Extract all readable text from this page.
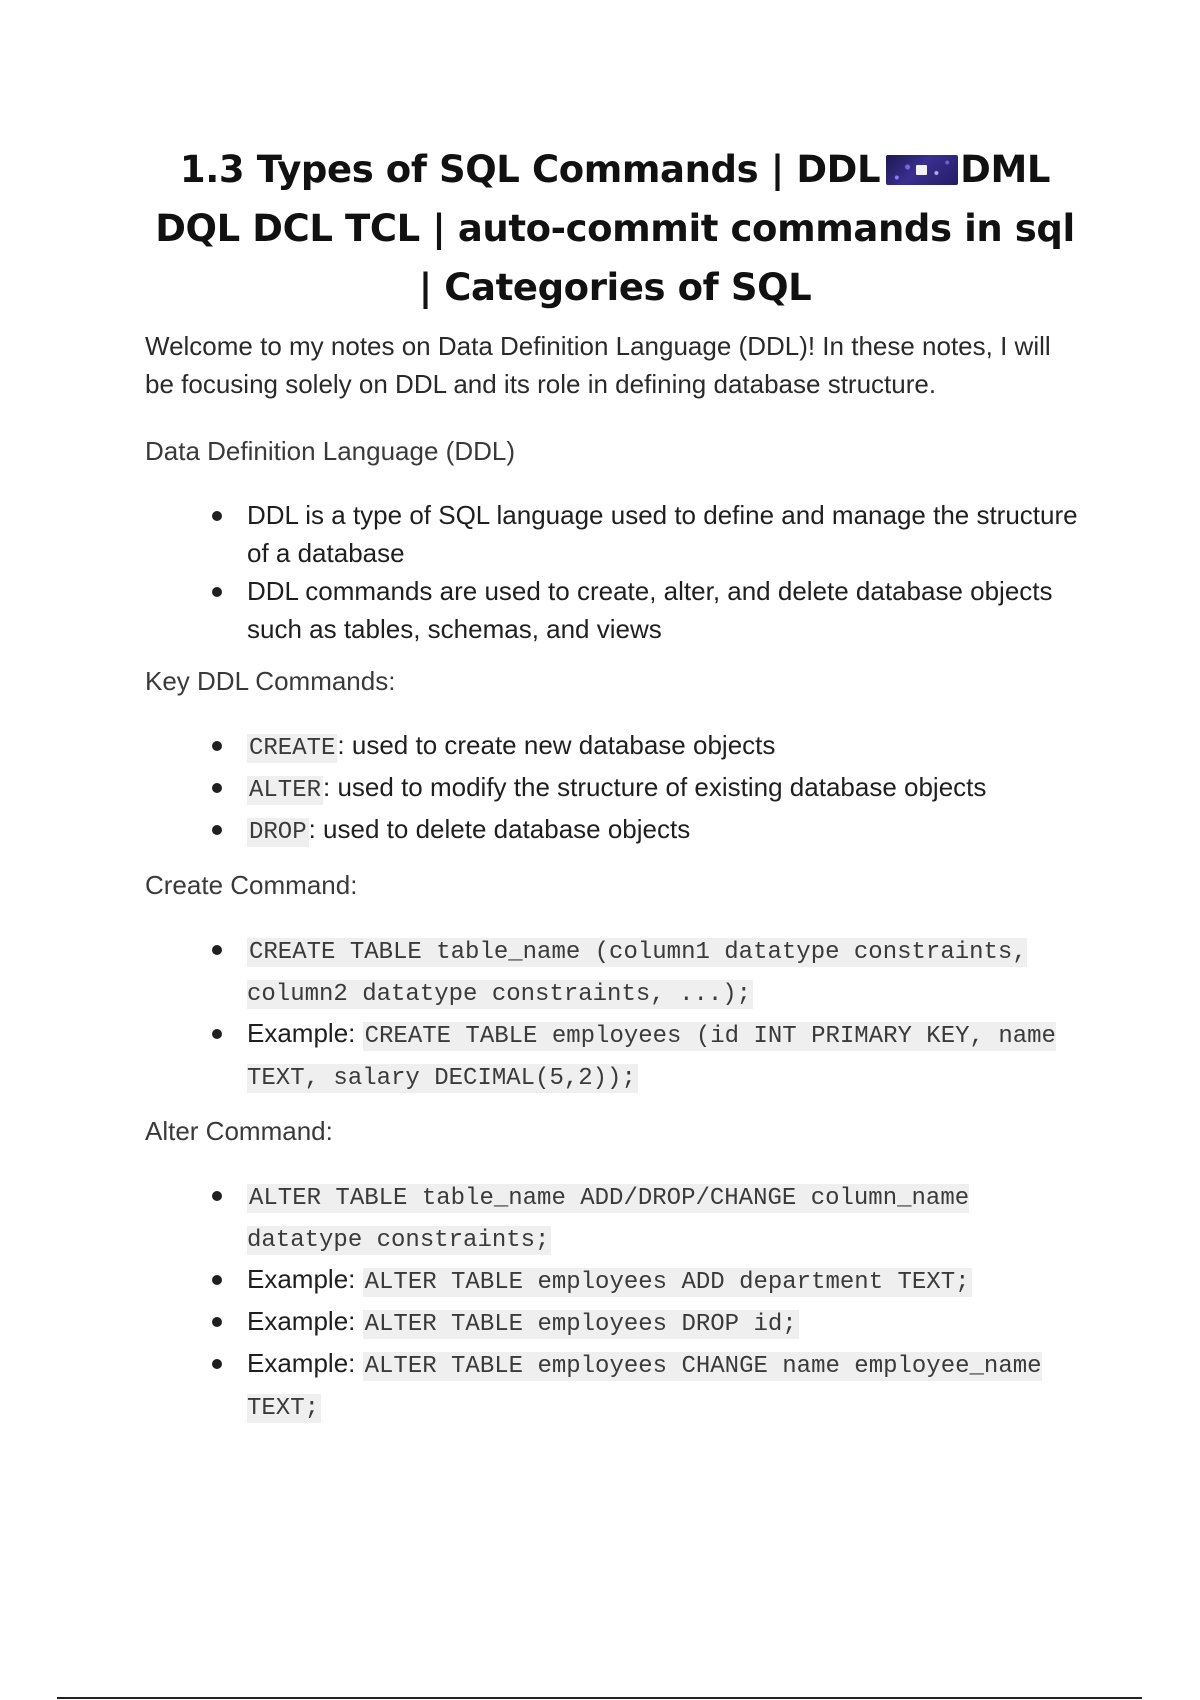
1.3 Types of SQL Commands | DDL DML DQL DCL TCL | auto-commit commands in sql | Categories of SQL

Welcome to my notes on Data Definition Language (DDL)! In these notes, I will be focusing solely on DDL and its role in defining database structure.

Data Definition Language (DDL)

DDL is a type of SQL language used to define and manage the structure of a database
DDL commands are used to create, alter, and delete database objects such as tables, schemas, and views

Key DDL Commands:

CREATE: used to create new database objects
ALTER: used to modify the structure of existing database objects
DROP: used to delete database objects

Create Command:

CREATE TABLE table_name (column1 datatype constraints, column2 datatype constraints, ...);
Example: CREATE TABLE employees (id INT PRIMARY KEY, name TEXT, salary DECIMAL(5,2));

Alter Command:

ALTER TABLE table_name ADD/DROP/CHANGE column_name datatype constraints;
Example: ALTER TABLE employees ADD department TEXT;
Example: ALTER TABLE employees DROP id;
Example: ALTER TABLE employees CHANGE name employee_name TEXT;
